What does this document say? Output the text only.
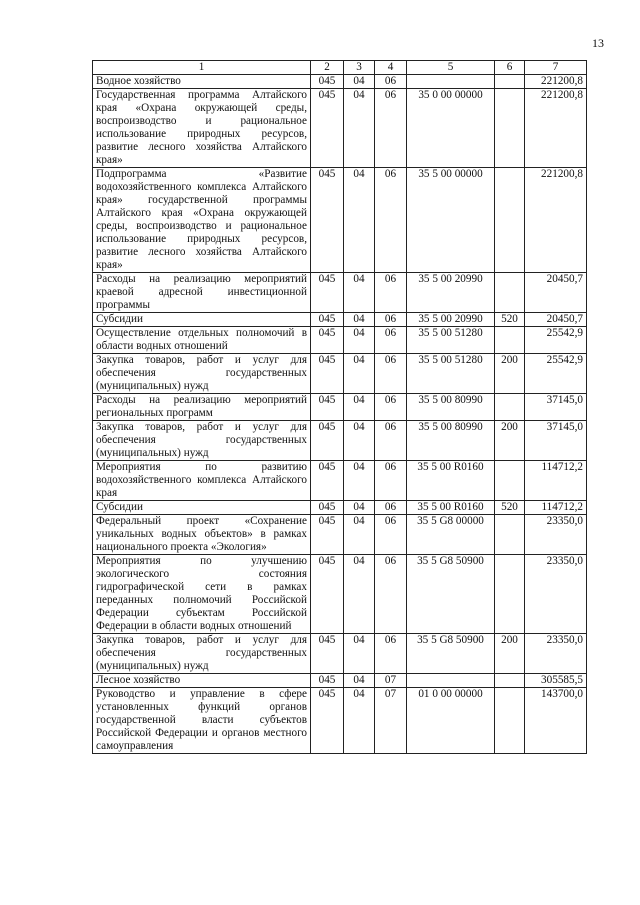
13
1	2	3	4	5	6	7
Водное хозяйство	045	04	06			221200,8
Государственная программа Алтайского края «Охрана окружающей среды, воспроизводство и рациональное использование природных ресурсов, развитие лесного хозяйства Алтайского края»	045	04	06	35 0 00 00000		221200,8
Подпрограмма «Развитие водохозяйственного комплекса Алтайского края» государственной программы Алтайского края «Охрана окружающей среды, воспроизводство и рациональное использование природных ресурсов, развитие лесного хозяйства Алтайского края»	045	04	06	35 5 00 00000		221200,8
Расходы на реализацию мероприятий краевой адресной инвестиционной программы	045	04	06	35 5 00 20990		20450,7
Субсидии	045	04	06	35 5 00 20990	520	20450,7
Осуществление отдельных полномочий в области водных отношений	045	04	06	35 5 00 51280		25542,9
Закупка товаров, работ и услуг для обеспечения государственных (муниципальных) нужд	045	04	06	35 5 00 51280	200	25542,9
Расходы на реализацию мероприятий региональных программ	045	04	06	35 5 00 80990		37145,0
Закупка товаров, работ и услуг для обеспечения государственных (муниципальных) нужд	045	04	06	35 5 00 80990	200	37145,0
Мероприятия по развитию водохозяйственного комплекса Алтайского края	045	04	06	35 5 00 R0160		114712,2
Субсидии	045	04	06	35 5 00 R0160	520	114712,2
Федеральный проект «Сохранение уникальных водных объектов» в рамках национального проекта «Экология»	045	04	06	35 5 G8 00000		23350,0
Мероприятия по улучшению экологического состояния гидрографической сети в рамках переданных полномочий Российской Федерации субъектам Российской Федерации в области водных отношений	045	04	06	35 5 G8 50900		23350,0
Закупка товаров, работ и услуг для обеспечения государственных (муниципальных) нужд	045	04	06	35 5 G8 50900	200	23350,0
Лесное хозяйство	045	04	07			305585,5
Руководство и управление в сфере установленных функций органов государственной власти субъектов Российской Федерации и органов местного самоуправления	045	04	07	01 0 00 00000		143700,0
